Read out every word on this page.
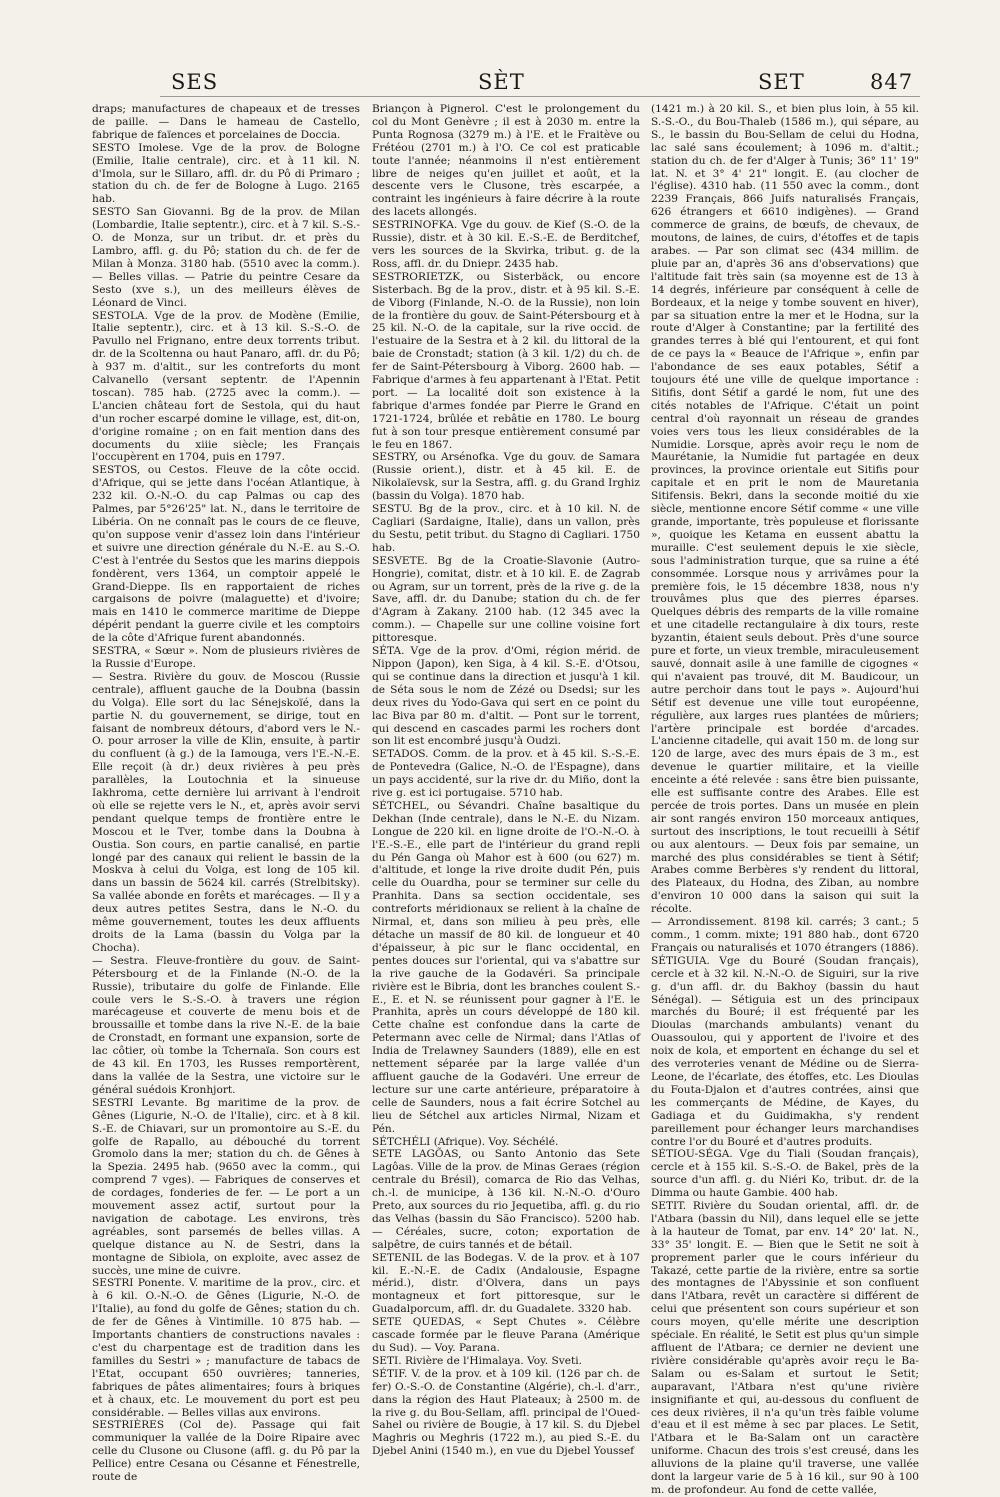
SES	SÈT	SET	847

draps; manufactures de chapeaux et de tresses de paille. — Dans le hameau de Castello, fabrique de faïences et porcelaines de Doccia.

SESTO Imolese. Vge de la prov. de Bologne (Emilie, Italie centrale), circ. et à 11 kil. N. d'Imola, sur le Sillaro, affl. dr. du Pô di Primaro ; station du ch. de fer de Bologne à Lugo. 2165 hab.

SESTO San Giovanni. Bg de la prov. de Milan (Lombardie, Italie septentr.), circ. et à 7 kil. S.-S.-O. de Monza, sur un tribut. dr. et près du Lambro, affl. g. du Pô; station du ch. de fer de Milan à Monza. 3180 hab. (5510 avec la comm.). — Belles villas. — Patrie du peintre Cesare da Sesto (xve s.), un des meilleurs élèves de Léonard de Vinci.

SESTOLA. Vge de la prov. de Modène (Emilie, Italie septentr.), circ. et à 13 kil. S.-S.-O. de Pavullo nel Frignano, entre deux torrents tribut. dr. de la Scoltenna ou haut Panaro, affl. dr. du Pô; à 937 m. d'altit., sur les contreforts du mont Calvanello (versant septentr. de l'Apennin toscan). 785 hab. (2725 avec la comm.). — L'ancien château fort de Sestola, qui du haut d'un rocher escarpé domine le village, est, dit-on, d'origine romaine ; on en fait mention dans des documents du xiiie siècle; les Français l'occupèrent en 1704, puis en 1797.

SESTOS, ou Cestos. Fleuve de la côte occid. d'Afrique, qui se jette dans l'océan Atlantique, à 232 kil. O.-N.-O. du cap Palmas ou cap des Palmes, par 5°26'25" lat. N., dans le territoire de Libéria. On ne connaît pas le cours de ce fleuve, qu'on suppose venir d'assez loin dans l'intérieur et suivre une direction générale du N.-E. au S.-O. C'est à l'entrée du Sestos que les marins dieppois fondèrent, vers 1364, un comptoir appelé le Grand-Dieppe. Ils en rapportaient de riches cargaisons de poivre (malaguette) et d'ivoire; mais en 1410 le commerce maritime de Dieppe dépérit pendant la guerre civile et les comptoirs de la côte d'Afrique furent abandonnés.

SESTRA, « Sœur ». Nom de plusieurs rivières de la Russie d'Europe.

— Sestra. Rivière du gouv. de Moscou (Russie centrale), affluent gauche de la Doubna (bassin du Volga). Elle sort du lac Sénejskoïé, dans la partie N. du gouvernement, se dirige, tout en faisant de nombreux détours, d'abord vers le N.-O. pour arroser la ville de Klin, ensuite, à partir du confluent (à g.) de la Iamouga, vers l'E.-N.-E. Elle reçoit (à dr.) deux rivières à peu près parallèles, la Loutochnia et la sinueuse Iakhroma, cette dernière lui arrivant à l'endroit où elle se rejette vers le N., et, après avoir servi pendant quelque temps de frontière entre le Moscou et le Tver, tombe dans la Doubna à Oustia. Son cours, en partie canalisé, en partie longé par des canaux qui relient le bassin de la Moskva à celui du Volga, est long de 105 kil. dans un bassin de 5624 kil. carrés (Strelbitsky). Sa vallée abonde en forêts et marécages. — Il y a deux autres petites Sestra, dans le N.-O. du même gouvernement, toutes les deux affluents droits de la Lama (bassin du Volga par la Chocha).

— Sestra. Fleuve-frontière du gouv. de Saint-Pétersbourg et de la Finlande (N.-O. de la Russie), tributaire du golfe de Finlande. Elle coule vers le S.-S.-O. à travers une région marécageuse et couverte de menu bois et de broussaille et tombe dans la rive N.-E. de la baie de Cronstadt, en formant une expansion, sorte de lac côtier, où tombe la Tchernaïa. Son cours est de 43 kil. En 1703, les Russes remportèrent, dans la vallée de la Sestra, une victoire sur le général suédois Kronhjort.

SESTRI Levante. Bg maritime de la prov. de Gênes (Ligurie, N.-O. de l'Italie), circ. et à 8 kil. S.-E. de Chiavari, sur un promontoire au S.-E. du golfe de Rapallo, au débouché du torrent Gromolo dans la mer; station du ch. de Gênes à la Spezia. 2495 hab. (9650 avec la comm., qui comprend 7 vges). — Fabriques de conserves et de cordages, fonderies de fer. — Le port a un mouvement assez actif, surtout pour la navigation de cabotage. Les environs, très agréables, sont parsemés de belles villas. A quelque distance au N. de Sestri, dans la montagne de Sibiola, on exploite, avec assez de succès, une mine de cuivre.

SESTRI Ponente. V. maritime de la prov., circ. et à 6 kil. O.-N.-O. de Gênes (Ligurie, N.-O. de l'Italie), au fond du golfe de Gênes; station du ch. de fer de Gênes à Vintimille. 10 875 hab. — Importants chantiers de constructions navales : c'est du charpentage est de tradition dans les familles du Sestri » ; manufacture de tabacs de l'Etat, occupant 650 ouvrières; tanneries, fabriques de pâtes alimentaires; fours à briques et à chaux, etc. Le mouvement du port est peu considérable. — Belles villas aux environs.

SESTRIÈRES (Col de). Passage qui fait communiquer la vallée de la Doire Ripaire avec celle du Clusone ou Clusone (affl. g. du Pô par la Pellice) entre Cesana ou Césanne et Fénestrelle, route de

Briançon à Pignerol. C'est le prolongement du col du Mont Genèvre ; il est à 2030 m. entre la Punta Rognosa (3279 m.) à l'E. et le Fraitève ou Frétéou (2701 m.) à l'O. Ce col est praticable toute l'année; néanmoins il n'est entièrement libre de neiges qu'en juillet et août, et la descente vers le Clusone, très escarpée, a contraint les ingénieurs à faire décrire à la route des lacets allongés.

SESTRINOFKA. Vge du gouv. de Kief (S.-O. de la Russie), distr. et à 30 kil. E.-S.-E. de Berditchef, vers les sources de la Skvirka, tribut. g. de la Ross, affl. dr. du Dniepr. 2435 hab.

SESTRORIETZK, ou Sisterbäck, ou encore Sisterbach. Bg de la prov., distr. et à 95 kil. S.-E. de Viborg (Finlande, N.-O. de la Russie), non loin de la frontière du gouv. de Saint-Pétersbourg et à 25 kil. N.-O. de la capitale, sur la rive occid. de l'estuaire de la Sestra et à 2 kil. du littoral de la baie de Cronstadt; station (à 3 kil. 1/2) du ch. de fer de Saint-Pétersbourg à Viborg. 2600 hab. — Fabrique d'armes à feu appartenant à l'Etat. Petit port. — La localité doit son existence à la fabrique d'armes fondée par Pierre le Grand en 1721-1724, brûlée et rebâtie en 1780. Le bourg fut à son tour presque entièrement consumé par le feu en 1867.

SESTRY, ou Arsénofka. Vge du gouv. de Samara (Russie orient.), distr. et à 45 kil. E. de Nikolaïevsk, sur la Sestra, affl. g. du Grand Irghiz (bassin du Volga). 1870 hab.

SESTU. Bg de la prov., circ. et à 10 kil. N. de Cagliari (Sardaigne, Italie), dans un vallon, près du Sestu, petit tribut. du Stagno di Cagliari. 1750 hab.

SESVETE. Bg de la Croatie-Slavonie (Autro-Hongrie), comitat, distr. et à 10 kil. E. de Zagrab ou Agram, sur un torrent, près de la rive g. de la Save, affl. dr. du Danube; station du ch. de fer d'Agram à Zakany. 2100 hab. (12 345 avec la comm.). — Chapelle sur une colline voisine fort pittoresque.

SÉTA. Vge de la prov. d'Omi, région mérid. de Nippon (Japon), ken Siga, à 4 kil. S.-E. d'Otsou, qui se continue dans la direction et jusqu'à 1 kil. de Séta sous le nom de Zézé ou Dsedsi; sur les deux rives du Yodo-Gava qui sert en ce point du lac Biva par 80 m. d'altit. — Pont sur le torrent, qui descend en cascades parmi les rochers dont son lit est encombré jusqu'à Oudzi.

SETADOS. Comm. de la prov. et à 45 kil. S.-S.-E. de Pontevedra (Galice, N.-O. de l'Espagne), dans un pays accidenté, sur la rive dr. du Miño, dont la rive g. est ici portugaise. 5710 hab.

SÉTCHEL, ou Sévandri. Chaîne basaltique du Dekhan (Inde centrale), dans le N.-E. du Nizam. Longue de 220 kil. en ligne droite de l'O.-N.-O. à l'E.-S.-E., elle part de l'intérieur du grand repli du Pén Ganga où Mahor est à 600 (ou 627) m. d'altitude, et longe la rive droite dudit Pén, puis celle du Ouardha, pour se terminer sur celle du Pranhita. Dans sa section occidentale, ses contreforts méridionaux se relient à la chaîne de Nirmal, et, dans son milieu à peu près, elle détache un massif de 80 kil. de longueur et 40 d'épaisseur, à pic sur le flanc occidental, en pentes douces sur l'oriental, qui va s'abattre sur la rive gauche de la Godavéri. Sa principale rivière est le Bibria, dont les branches coulent S.-E., E. et N. se réunissent pour gagner à l'E. le Pranhita, après un cours développé de 180 kil. Cette chaîne est confondue dans la carte de Petermann avec celle de Nirmal; dans l'Atlas of India de Trelawney Saunders (1889), elle en est nettement séparée par la large vallée d'un affluent gauche de la Godavéri. Une erreur de lecture sur une carte antérieure, préparatoire à celle de Saunders, nous a fait écrire Sotchel au lieu de Sétchel aux articles Nirmal, Nizam et Pén.

SÉTCHÉLI (Afrique). Voy. Séchélé.

SETE LAGÕAS, ou Santo Antonio das Sete Lagôas. Ville de la prov. de Minas Geraes (région centrale du Brésil), comarca de Rio das Velhas, ch.-l. de municipe, à 136 kil. N.-N.-O. d'Ouro Preto, aux sources du rio Jequetiba, affl. g. du rio das Velhas (bassin du São Francisco). 5200 hab. — Céréales, sucre, coton; exportation de salpêtre, de cuirs tannés et de bétail.

SETENIL de las Bodegas. V. de la prov. et à 107 kil. E.-N.-E. de Cadix (Andalousie, Espagne mérid.), distr. d'Olvera, dans un pays montagneux et fort pittoresque, sur le Guadalporcum, affl. dr. du Guadalete. 3320 hab.

SETE QUEDAS, « Sept Chutes ». Célèbre cascade formée par le fleuve Parana (Amérique du Sud). — Voy. Parana.

SETI. Rivière de l'Himalaya. Voy. Sveti.

SÉTIF. V. de la prov. et à 109 kil. (126 par ch. de fer) O.-S.-O. de Constantine (Algérie), ch.-l. d'arr., dans la région des Haut Plateaux; à 2500 m. de la rive g. du Bou-Sellam, affl. principal de l'Oued-Sahel ou rivière de Bougie, à 17 kil. S. du Djebel Maghris ou Meghris (1722 m.), au pied S.-E. du Djebel Anini (1540 m.), en vue du Djebel Youssef

(1421 m.) à 20 kil. S., et bien plus loin, à 55 kil. S.-S.-O., du Bou-Thaleb (1586 m.), qui sépare, au S., le bassin du Bou-Sellam de celui du Hodna, lac salé sans écoulement; à 1096 m. d'altit.; station du ch. de fer d'Alger à Tunis; 36° 11' 19" lat. N. et 3° 4' 21" longit. E. (au clocher de l'église). 4310 hab. (11 550 avec la comm., dont 2239 Français, 866 Juifs naturalisés Français, 626 étrangers et 6610 indigènes). — Grand commerce de grains, de bœufs, de chevaux, de moutons, de laines, de cuirs, d'étoffes et de tapis arabes. — Par son climat sec (434 millim. de pluie par an, d'après 36 ans d'observations) que l'altitude fait très sain (sa moyenne est de 13 à 14 degrés, inférieure par conséquent à celle de Bordeaux, et la neige y tombe souvent en hiver), par sa situation entre la mer et le Hodna, sur la route d'Alger à Constantine; par la fertilité des grandes terres à blé qui l'entourent, et qui font de ce pays la « Beauce de l'Afrique », enfin par l'abondance de ses eaux potables, Sétif a toujours été une ville de quelque importance : Sitifis, dont Sétif a gardé le nom, fut une des cités notables de l'Afrique. C'était un point central d'où rayonnait un réseau de grandes voies vers tous les lieux considérables de la Numidie. Lorsque, après avoir reçu le nom de Maurétanie, la Numidie fut partagée en deux provinces, la province orientale eut Sitifis pour capitale et en prit le nom de Mauretania Sitifensis. Bekri, dans la seconde moitié du xie siècle, mentionne encore Sétif comme « une ville grande, importante, très populeuse et florissante », quoique les Ketama en eussent abattu la muraille. C'est seulement depuis le xie siècle, sous l'administration turque, que sa ruine a été consommée. Lorsque nous y arrivâmes pour la première fois, le 15 décembre 1838, nous n'y trouvâmes plus que des pierres éparses. Quelques débris des remparts de la ville romaine et une citadelle rectangulaire à dix tours, reste byzantin, étaient seuls debout. Près d'une source pure et forte, un vieux tremble, miraculeusement sauvé, donnait asile à une famille de cigognes « qui n'avaient pas trouvé, dit M. Baudicour, un autre perchoir dans tout le pays ». Aujourd'hui Sétif est devenue une ville tout européenne, régulière, aux larges rues plantées de mûriers; l'artère principale est bordée d'arcades. L'ancienne citadelle, qui avait 150 m. de long sur 120 de large, avec des murs épais de 3 m., est devenue le quartier militaire, et la vieille enceinte a été relevée : sans être bien puissante, elle est suffisante contre des Arabes. Elle est percée de trois portes. Dans un musée en plein air sont rangés environ 150 morceaux antiques, surtout des inscriptions, le tout recueilli à Sétif ou aux alentours. — Deux fois par semaine, un marché des plus considérables se tient à Sétif; Arabes comme Berbères s'y rendent du littoral, des Plateaux, du Hodna, des Ziban, au nombre d'environ 10 000 dans la saison qui suit la récolte.

— Arrondissement. 8198 kil. carrés; 3 cant.; 5 comm., 1 comm. mixte; 191 880 hab., dont 6720 Français ou naturalisés et 1070 étrangers (1886).

SÉTIGUIA. Vge du Bouré (Soudan français), cercle et à 32 kil. N.-N.-O. de Siguiri, sur la rive g. d'un affl. dr. du Bakhoy (bassin du haut Sénégal). — Sétiguia est un des principaux marchés du Bouré; il est fréquenté par les Dioulas (marchands ambulants) venant du Ouassoulou, qui y apportent de l'ivoire et des noix de kola, et emportent en échange du sel et des verroteries venant de Médine ou de Sierra-Leone, de l'écarlate, des étoffes, etc. Les Dioulas du Fouta-Djalon et d'autres contrées, ainsi que les commerçants de Médine, de Kayes, du Gadiaga et du Guidimakha, s'y rendent pareillement pour échanger leurs marchandises contre l'or du Bouré et d'autres produits.

SÉTIOU-SÉGA. Vge du Tiali (Soudan français), cercle et à 155 kil. S.-S.-O. de Bakel, près de la source d'un affl. g. du Niéri Ko, tribut. dr. de la Dimma ou haute Gambie. 400 hab.

SETIT. Rivière du Soudan oriental, affl. dr. de l'Atbara (bassin du Nil), dans lequel elle se jette à la hauteur de Tomat, par env. 14° 20' lat. N., 33° 35' longit. E. — Bien que le Setit ne soit à proprement parler que le cours inférieur du Takazé, cette partie de la rivière, entre sa sortie des montagnes de l'Abyssinie et son confluent dans l'Atbara, revêt un caractère si différent de celui que présentent son cours supérieur et son cours moyen, qu'elle mérite une description spéciale. En réalité, le Setit est plus qu'un simple affluent de l'Atbara; ce dernier ne devient une rivière considérable qu'après avoir reçu le Ba-Salam ou es-Salam et surtout le Setit; auparavant, l'Atbara n'est qu'une rivière insignifiante et qui, au-dessous du confluent de ces deux rivières, il n'a qu'un très faible volume d'eau et il est même à sec par places. Le Setit, l'Atbara et le Ba-Salam ont un caractère uniforme. Chacun des trois s'est creusé, dans les alluvions de la plaine qu'il traverse, une vallée dont la largeur varie de 5 à 16 kil., sur 90 à 100 m. de profondeur. Au fond de cette vallée,
